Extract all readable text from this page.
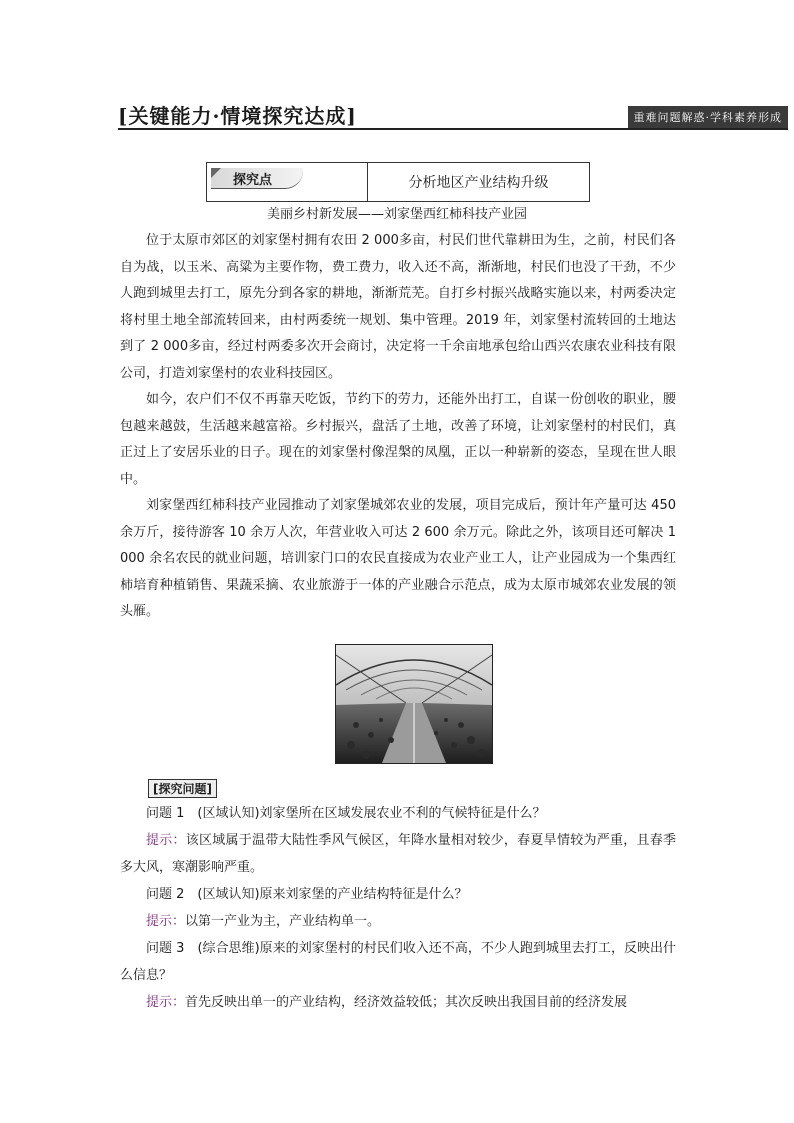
[关键能力·情境探究达成]	重难问题解惑·学科素养形成
探究点	分析地区产业结构升级
美丽乡村新发展——刘家堡西红柿科技产业园

位于太原市郊区的刘家堡村拥有农田 2 000多亩，村民们世代靠耕田为生，之前，村民们各自为战，以玉米、高粱为主要作物，费工费力，收入还不高，渐渐地，村民们也没了干劲，不少人跑到城里去打工，原先分到各家的耕地，渐渐荒芜。自打乡村振兴战略实施以来，村两委决定将村里土地全部流转回来，由村两委统一规划、集中管理。2019 年，刘家堡村流转回的土地达到了 2 000多亩，经过村两委多次开会商讨，决定将一千余亩地承包给山西兴农康农业科技有限公司，打造刘家堡村的农业科技园区。

如今，农户们不仅不再靠天吃饭，节约下的劳力，还能外出打工，自谋一份创收的职业，腰包越来越鼓，生活越来越富裕。乡村振兴，盘活了土地，改善了环境，让刘家堡村的村民们，真正过上了安居乐业的日子。现在的刘家堡村像涅槃的凤凰，正以一种崭新的姿态，呈现在世人眼中。

刘家堡西红柿科技产业园推动了刘家堡城郊农业的发展，项目完成后，预计年产量可达 450 余万斤，接待游客 10 余万人次，年营业收入可达 2 600 余万元。除此之外，该项目还可解决 1 000 余名农民的就业问题，培训家门口的农民直接成为农业产业工人，让产业园成为一个集西红柿培育种植销售、果蔬采摘、农业旅游于一体的产业融合示范点，成为太原市城郊农业发展的领头雁。

[探究问题]

问题 1　(区域认知)刘家堡所在区域发展农业不利的气候特征是什么？

提示：该区域属于温带大陆性季风气候区，年降水量相对较少，春夏旱情较为严重，且春季多大风，寒潮影响严重。

问题 2　(区域认知)原来刘家堡的产业结构特征是什么？

提示：以第一产业为主，产业结构单一。

问题 3　(综合思维)原来的刘家堡村的村民们收入还不高，不少人跑到城里去打工，反映出什么信息？

提示：首先反映出单一的产业结构，经济效益较低；其次反映出我国目前的经济发展
